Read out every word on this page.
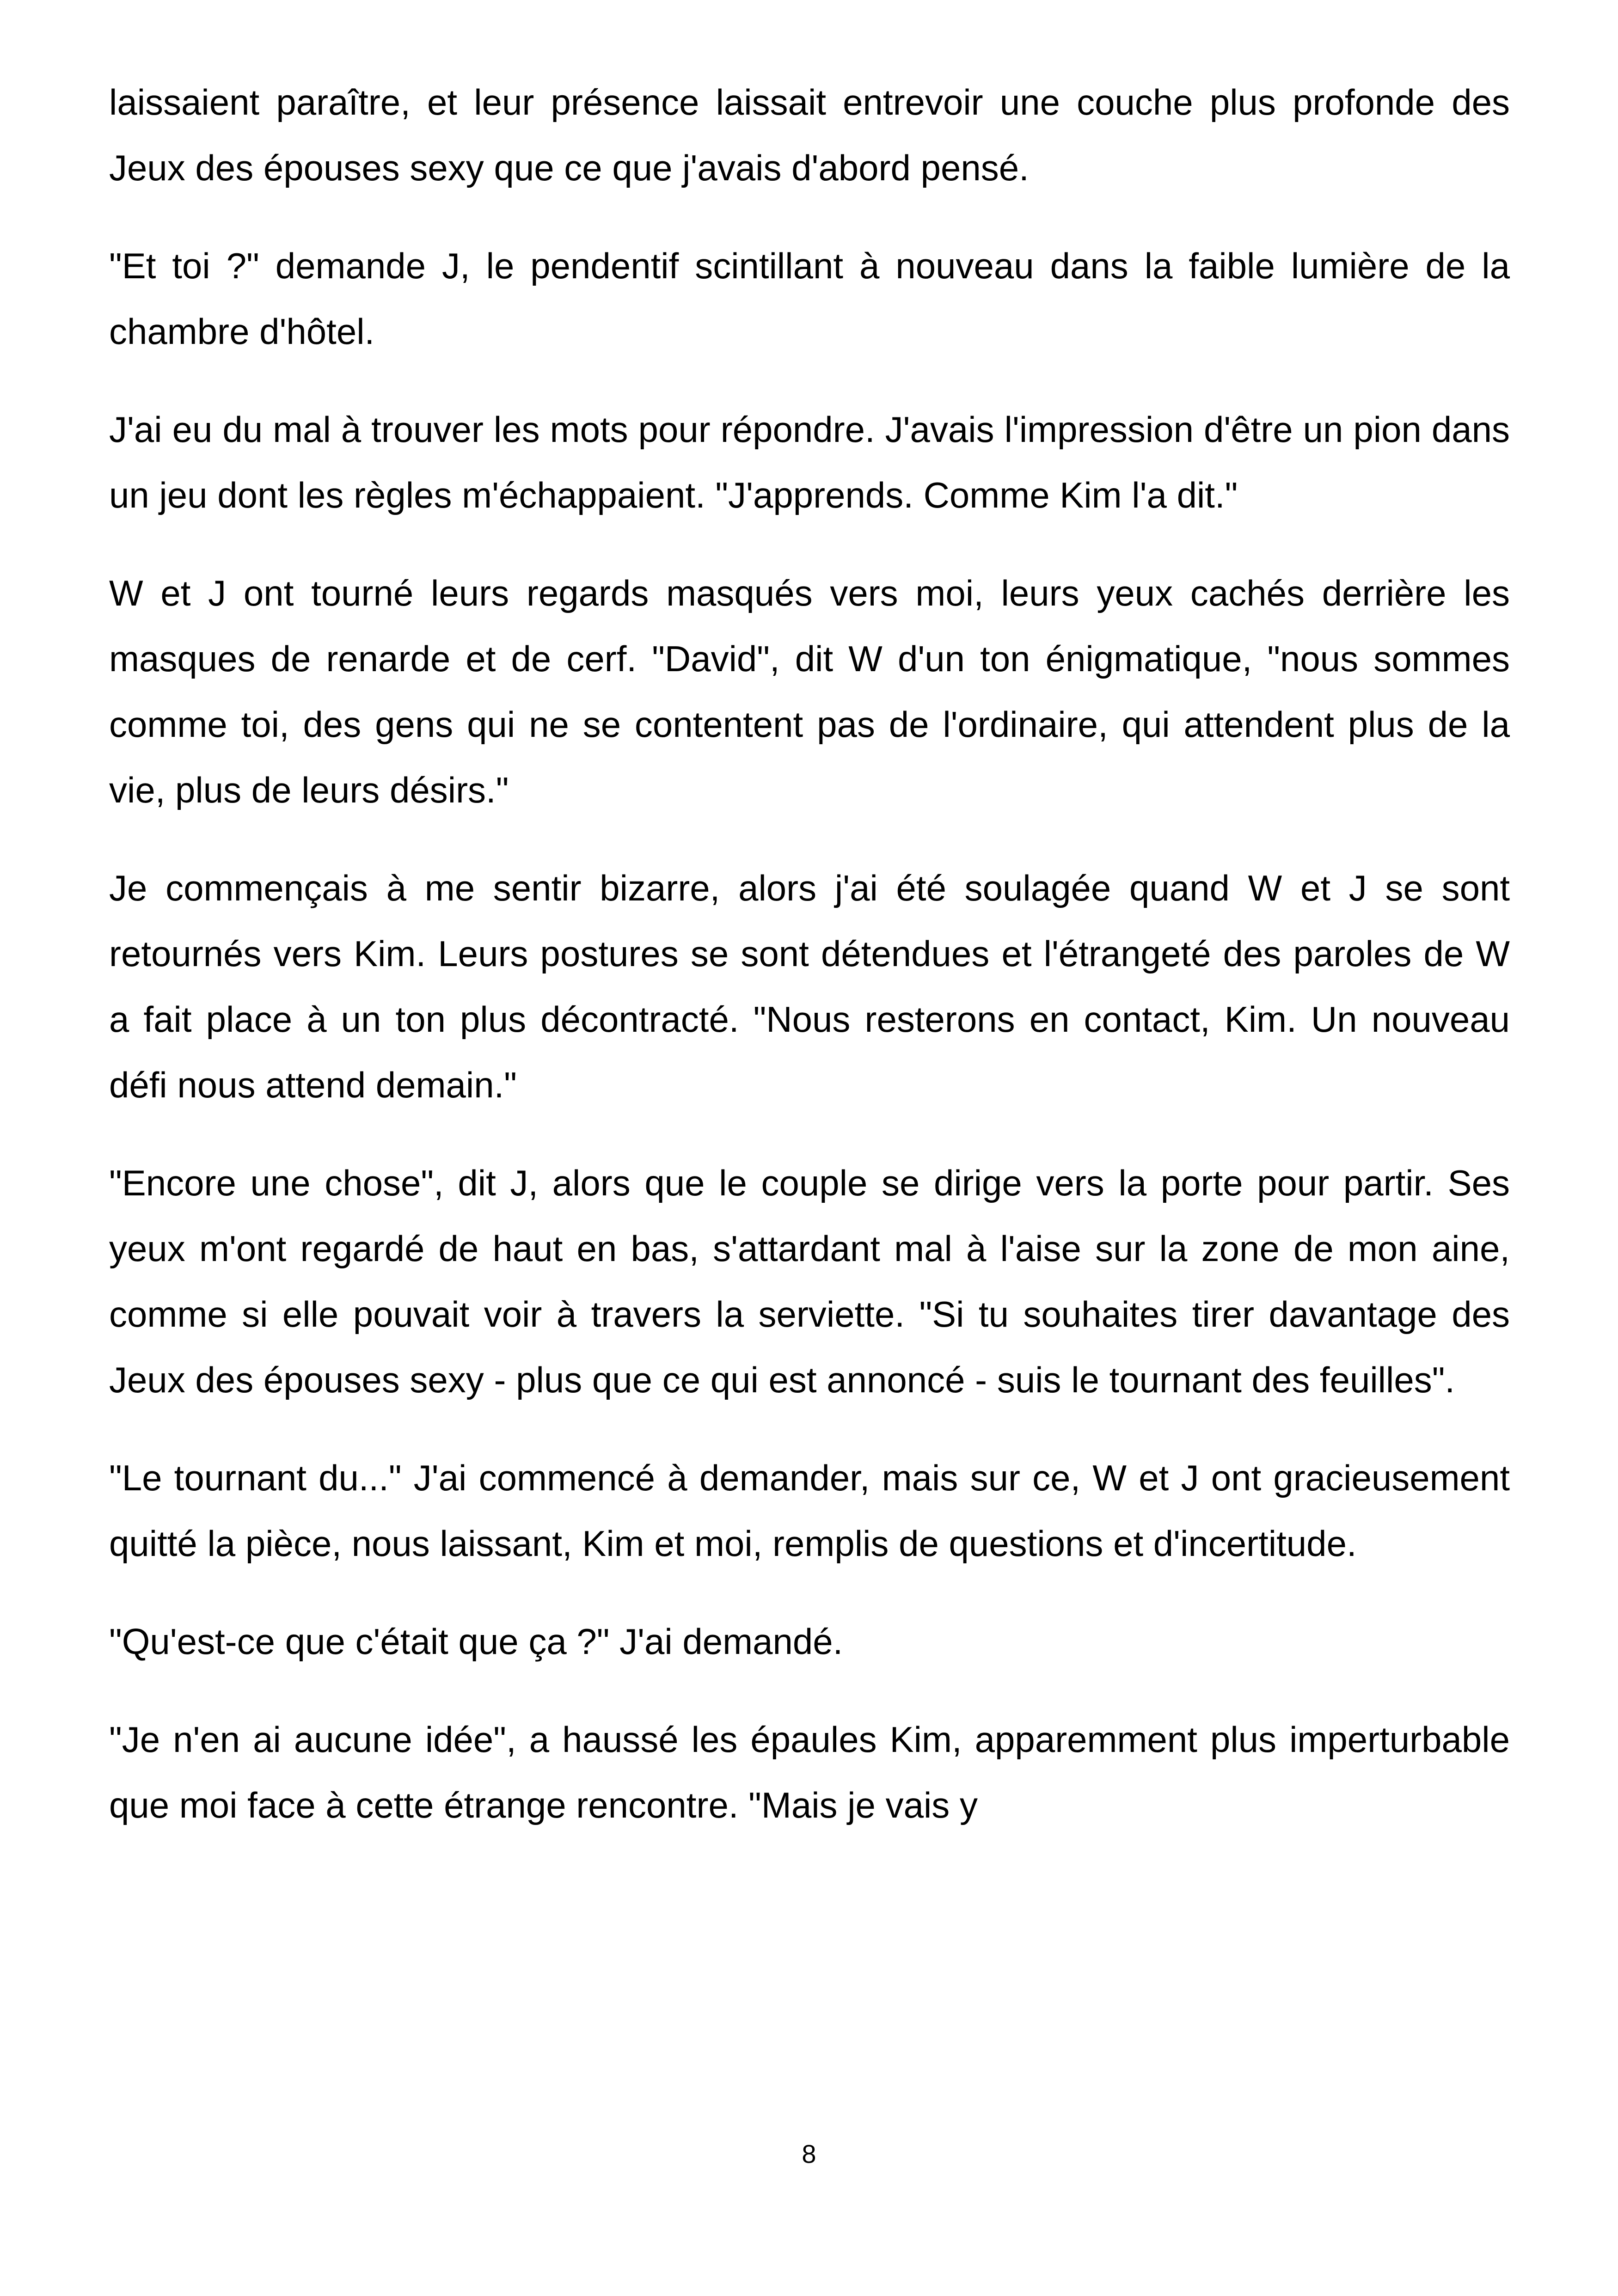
laissaient paraître, et leur présence laissait entrevoir une couche plus profonde des Jeux des épouses sexy que ce que j'avais d'abord pensé.

"Et toi ?" demande J, le pendentif scintillant à nouveau dans la faible lumière de la chambre d'hôtel.

J'ai eu du mal à trouver les mots pour répondre. J'avais l'impression d'être un pion dans un jeu dont les règles m'échappaient. "J'apprends. Comme Kim l'a dit."

W et J ont tourné leurs regards masqués vers moi, leurs yeux cachés derrière les masques de renarde et de cerf. "David", dit W d'un ton énigmatique, "nous sommes comme toi, des gens qui ne se contentent pas de l'ordinaire, qui attendent plus de la vie, plus de leurs désirs."

Je commençais à me sentir bizarre, alors j'ai été soulagée quand W et J se sont retournés vers Kim. Leurs postures se sont détendues et l'étrangeté des paroles de W a fait place à un ton plus décontracté. "Nous resterons en contact, Kim. Un nouveau défi nous attend demain."

"Encore une chose", dit J, alors que le couple se dirige vers la porte pour partir. Ses yeux m'ont regardé de haut en bas, s'attardant mal à l'aise sur la zone de mon aine, comme si elle pouvait voir à travers la serviette. "Si tu souhaites tirer davantage des Jeux des épouses sexy - plus que ce qui est annoncé - suis le tournant des feuilles".

"Le tournant du..." J'ai commencé à demander, mais sur ce, W et J ont gracieusement quitté la pièce, nous laissant, Kim et moi, remplis de questions et d'incertitude.

"Qu'est-ce que c'était que ça ?" J'ai demandé.

"Je n'en ai aucune idée", a haussé les épaules Kim, apparemment plus imperturbable que moi face à cette étrange rencontre. "Mais je vais y

8
